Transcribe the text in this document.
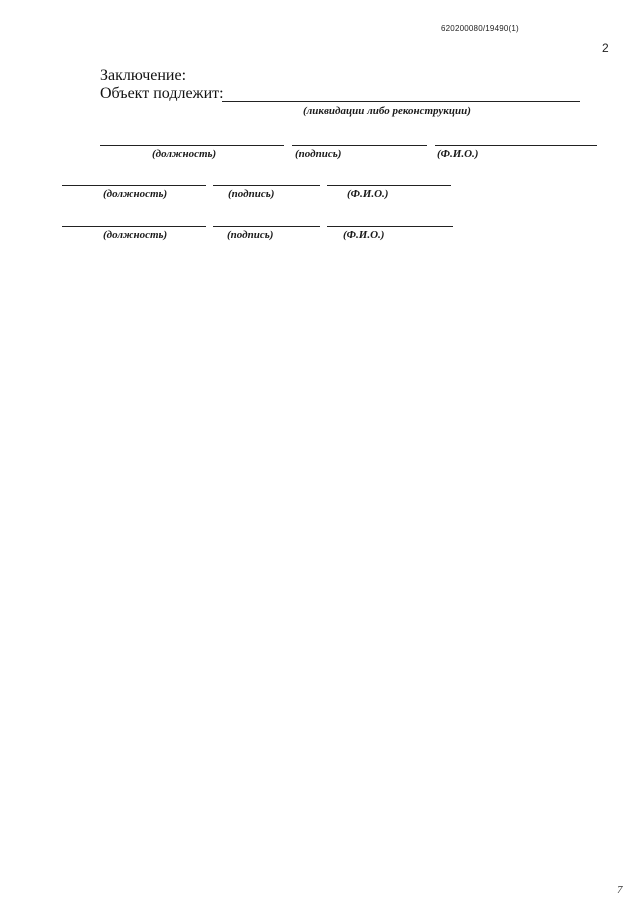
620200080/19490(1)
2
Заключение:
Объект подлежит:
(ликвидации либо реконструкции)
(должность)	(подпись)	(Ф.И.О.)
(должность)	(подпись)	(Ф.И.О.)
(должность)	(подпись)	(Ф.И.О.)
7
